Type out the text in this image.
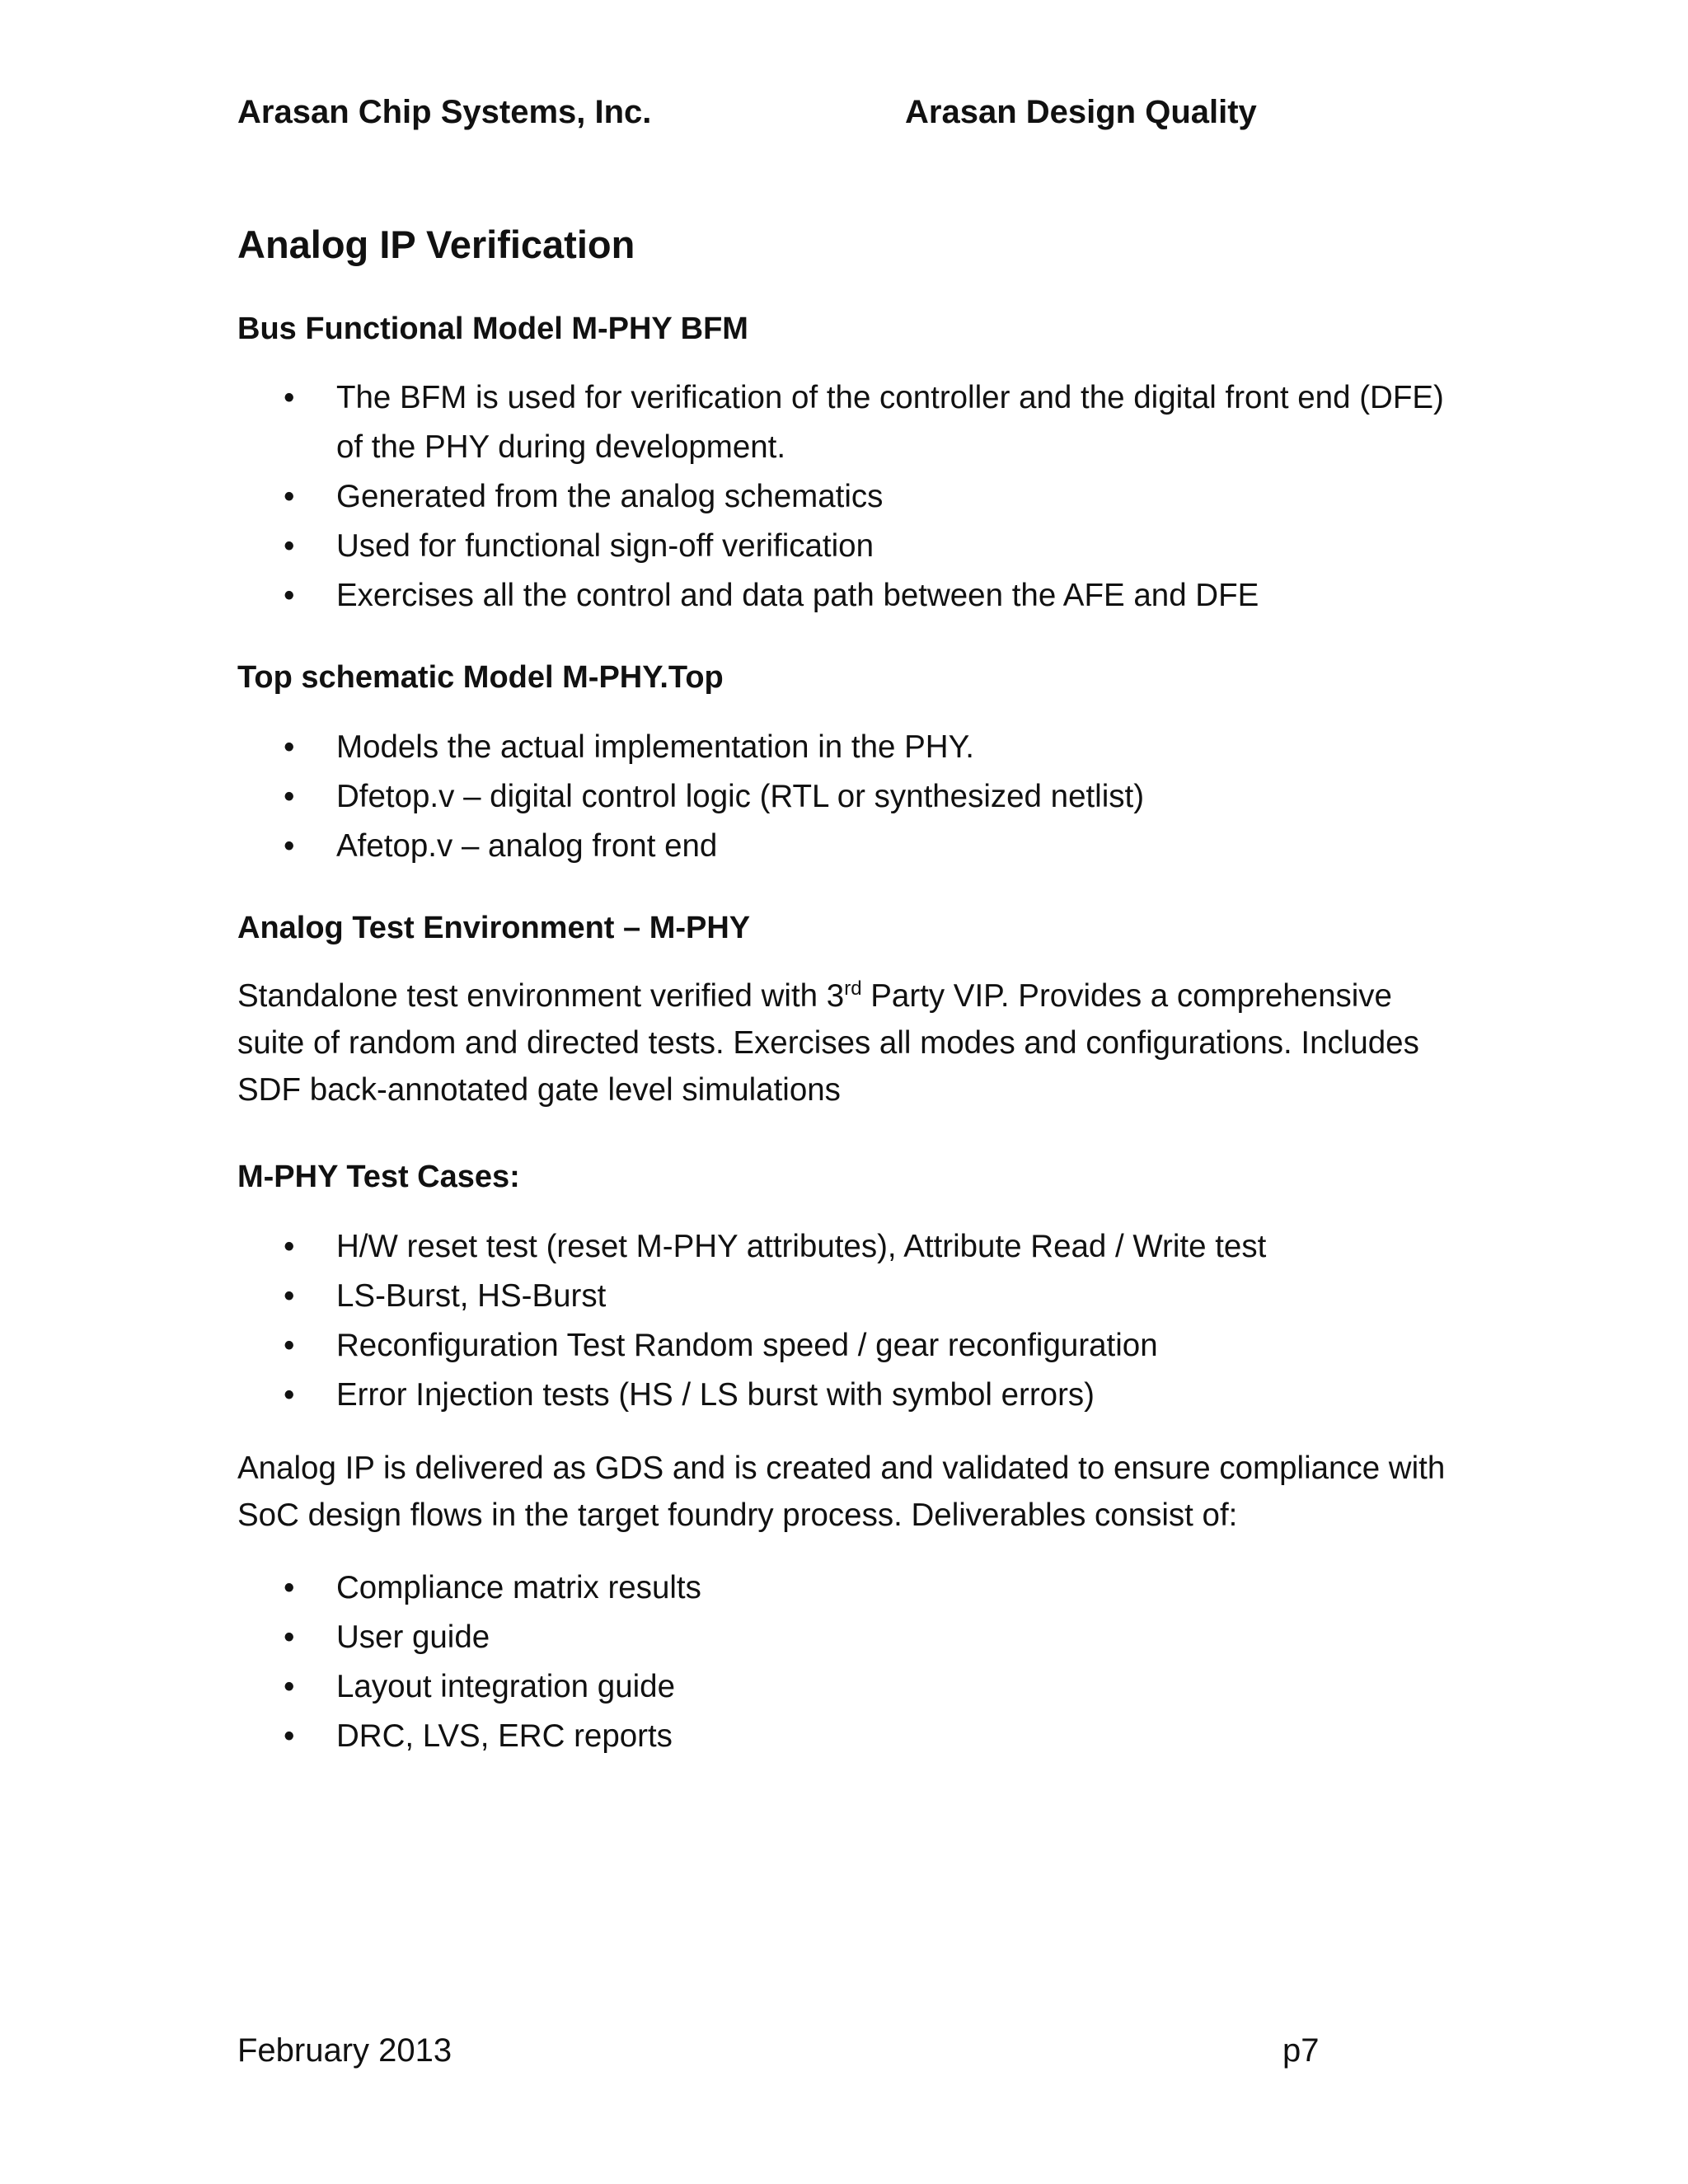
Arasan Chip Systems, Inc.	Arasan Design Quality
Analog IP Verification
Bus Functional Model M-PHY BFM
• The BFM is used for verification of the controller and the digital front end (DFE) of the PHY during development.
• Generated from the analog schematics
• Used for functional sign-off verification
• Exercises all the control and data path between the AFE and DFE
Top schematic Model M-PHY.Top
• Models the actual implementation in the PHY.
• Dfetop.v – digital control logic (RTL or synthesized netlist)
• Afetop.v – analog front end
Analog Test Environment – M-PHY

Standalone test environment verified with 3rd Party VIP. Provides a comprehensive suite of random and directed tests. Exercises all modes and configurations. Includes SDF back-annotated gate level simulations

M-PHY Test Cases:
• H/W reset test (reset M-PHY attributes), Attribute Read / Write test
• LS-Burst, HS-Burst
• Reconfiguration Test Random speed / gear reconfiguration
• Error Injection tests (HS / LS burst with symbol errors)

Analog IP is delivered as GDS and is created and validated to ensure compliance with SoC design flows in the target foundry process. Deliverables consist of:

• Compliance matrix results
• User guide
• Layout integration guide
• DRC, LVS, ERC reports
February 2013	p7
